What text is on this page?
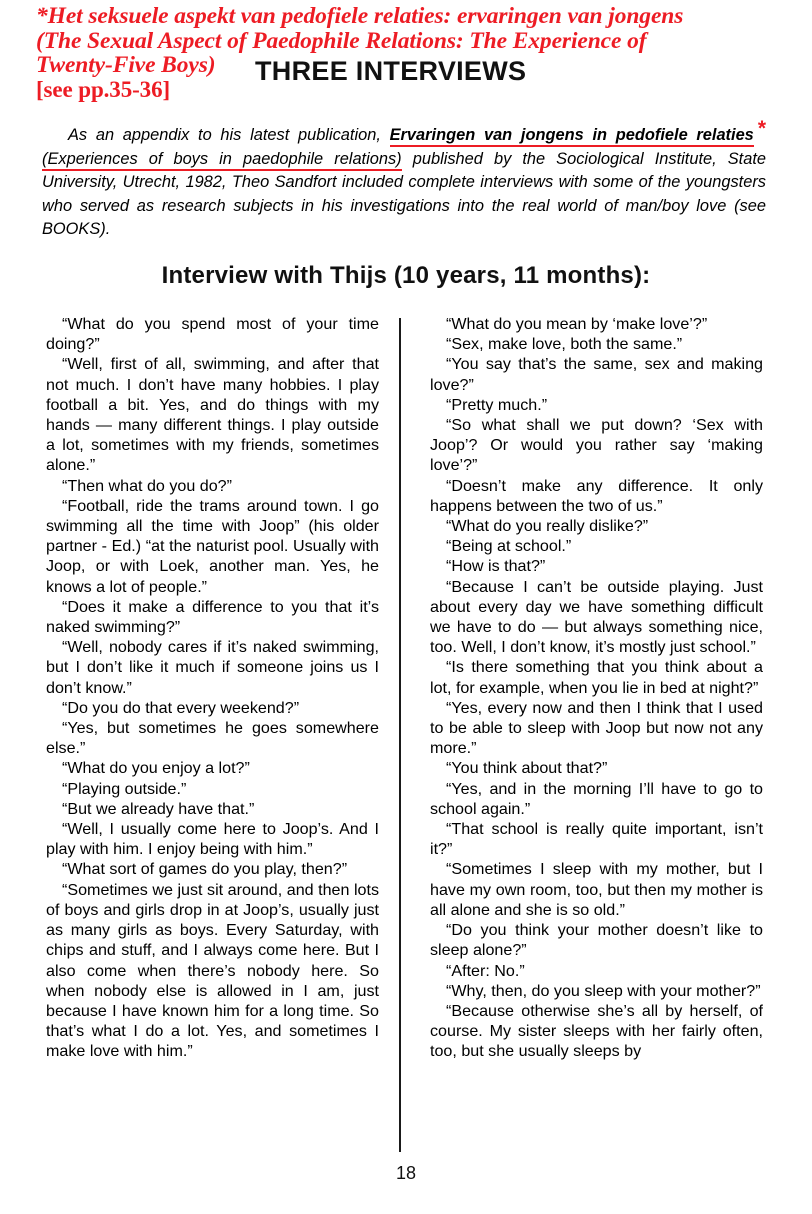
*Het seksuele aspekt van pedofiele relaties: ervaringen van jongens
(The Sexual Aspect of Paedophile Relations: The Experience of
Twenty-Five Boys)
[see pp.35-36]
THREE INTERVIEWS
As an appendix to his latest publication, Ervaringen van jongens in pedofiele relaties *(Experiences of boys in paedophile relations) published by the Sociological Institute, State University, Utrecht, 1982, Theo Sandfort included complete interviews with some of the youngsters who served as research subjects in his investigations into the real world of man/boy love (see BOOKS).
Interview with Thijs (10 years, 11 months):

“What do you spend most of your time doing?”

“Well, first of all, swimming, and after that not much. I don’t have many hobbies. I play football a bit. Yes, and do things with my hands — many different things. I play outside a lot, sometimes with my friends, sometimes alone.”

“Then what do you do?”

“Football, ride the trams around town. I go swimming all the time with Joop” (his older partner - Ed.) “at the naturist pool. Usually with Joop, or with Loek, another man. Yes, he knows a lot of people.”

“Does it make a difference to you that it’s naked swimming?”

“Well, nobody cares if it’s naked swimming, but I don’t like it much if someone joins us I don’t know.”

“Do you do that every weekend?”

“Yes, but sometimes he goes somewhere else.”

“What do you enjoy a lot?”

“Playing outside.”

“But we already have that.”

“Well, I usually come here to Joop’s. And I play with him. I enjoy being with him.”

“What sort of games do you play, then?”

“Sometimes we just sit around, and then lots of boys and girls drop in at Joop’s, usually just as many girls as boys. Every Saturday, with chips and stuff, and I always come here. But I also come when there’s nobody here. So when nobody else is allowed in I am, just because I have known him for a long time. So that’s what I do a lot. Yes, and sometimes I make love with him.”

“What do you mean by ‘make love’?”

“Sex, make love, both the same.”

“You say that’s the same, sex and making love?”

“Pretty much.”

“So what shall we put down? ‘Sex with Joop’? Or would you rather say ‘making love’?”

“Doesn’t make any difference. It only happens between the two of us.”

“What do you really dislike?”

“Being at school.”

“How is that?”

“Because I can’t be outside playing. Just about every day we have something difficult we have to do — but always something nice, too. Well, I don’t know, it’s mostly just school.”

“Is there something that you think about a lot, for example, when you lie in bed at night?”

“Yes, every now and then I think that I used to be able to sleep with Joop but now not any more.”

“You think about that?”

“Yes, and in the morning I’ll have to go to school again.”

“That school is really quite important, isn’t it?”

“Sometimes I sleep with my mother, but I have my own room, too, but then my mother is all alone and she is so old.”

“Do you think your mother doesn’t like to sleep alone?”

“After: No.”

“Why, then, do you sleep with your mother?”

“Because otherwise she’s all by herself, of course. My sister sleeps with her fairly often, too, but she usually sleeps by

18
